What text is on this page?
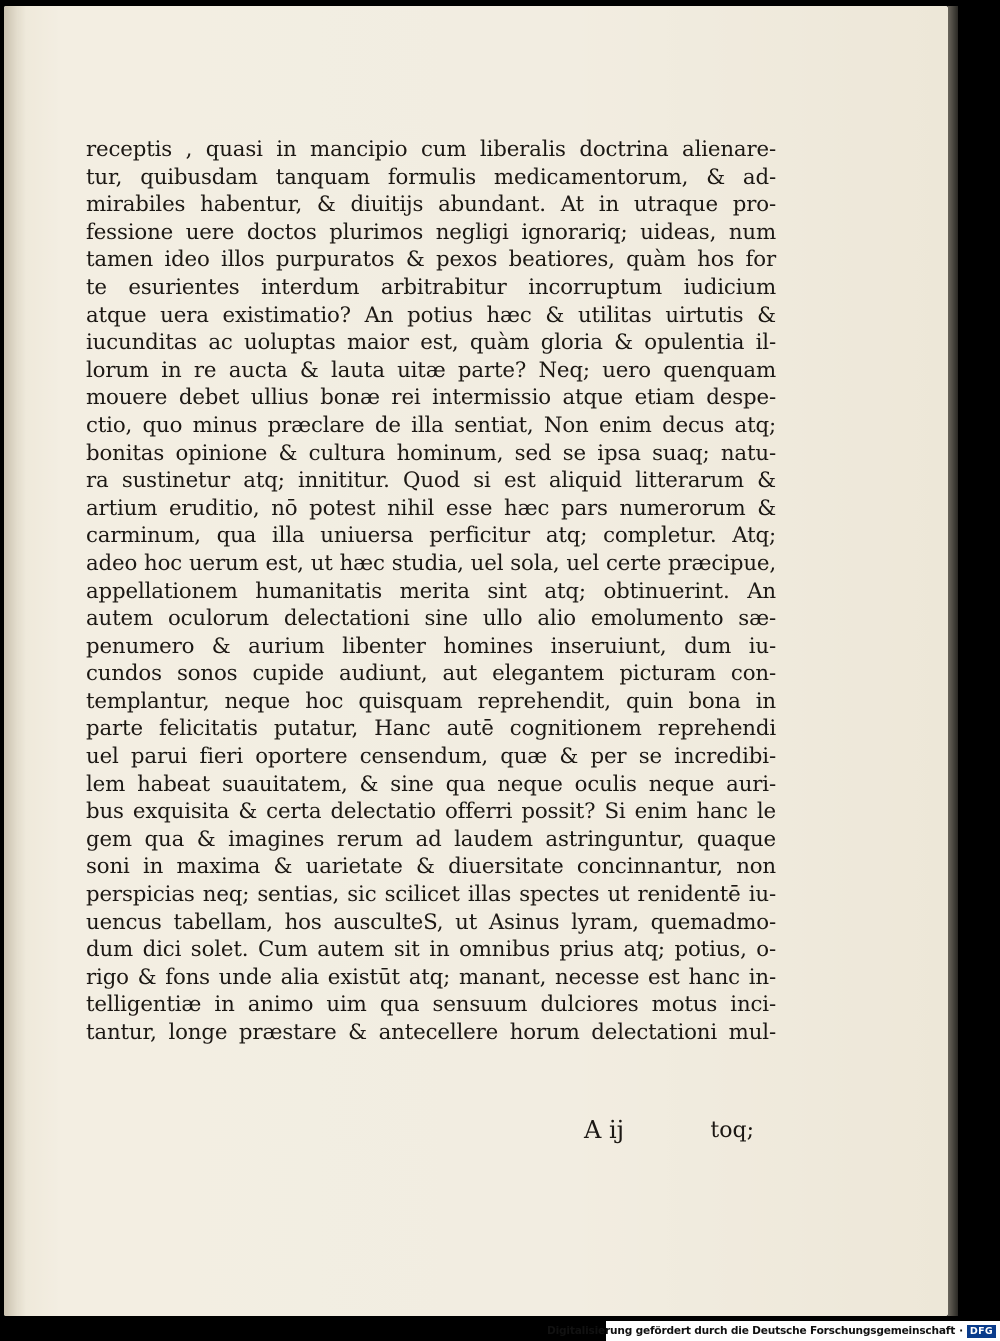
receptis , quasi in mancipio cum liberalis doctrina alienare-
tur, quibusdam tanquam formulis medicamentorum, & ad-
mirabiles habentur, & diuitijs abundant. At in utraque pro-
fessione uere doctos plurimos negligi ignorariq; uideas, num
tamen ideo illos purpuratos & pexos beatiores, quàm hos for
te esurientes interdum arbitrabitur incorruptum iudicium
atque uera existimatio? An potius hæc & utilitas uirtutis &
iucunditas ac uoluptas maior est, quàm gloria & opulentia il-
lorum in re aucta & lauta uitæ parte? Neq; uero quenquam
mouere debet ullius bonæ rei intermissio atque etiam despe-
ctio, quo minus præclare de illa sentiat, Non enim decus atq;
bonitas opinione & cultura hominum, sed se ipsa suaq; natu-
ra sustinetur atq; innititur. Quod si est aliquid litterarum &
artium eruditio, nō potest nihil esse hæc pars numerorum &
carminum, qua illa uniuersa perficitur atq; completur. Atq;
adeo hoc uerum est, ut hæc studia, uel sola, uel certe præcipue,
appellationem humanitatis merita sint atq; obtinuerint. An
autem oculorum delectationi sine ullo alio emolumento sæ-
penumero & aurium libenter homines inseruiunt, dum iu-
cundos sonos cupide audiunt, aut elegantem picturam con-
templantur, neque hoc quisquam reprehendit, quin bona in
parte felicitatis putatur, Hanc autē cognitionem reprehendi
uel parui fieri oportere censendum, quæ & per se incredibi-
lem habeat suauitatem, & sine qua neque oculis neque auri-
bus exquisita & certa delectatio offerri possit? Si enim hanc le
gem qua & imagines rerum ad laudem astringuntur, quaque
soni in maxima & uarietate & diuersitate concinnantur, non
perspicias neq; sentias, sic scilicet illas spectes ut renidentē iu-
uencus tabellam, hos ausculteS, ut Asinus lyram, quemadmo-
dum dici solet. Cum autem sit in omnibus prius atq; potius, o-
rigo & fons unde alia existūt atq; manant, necesse est hanc in-
telligentiæ in animo uim qua sensuum dulciores motus inci-
tantur, longe præstare & antecellere horum delectationi mul-
A ij	toq;
Digitalisierung gefördert durch die Deutsche Forschungsgemeinschaft · DFG
